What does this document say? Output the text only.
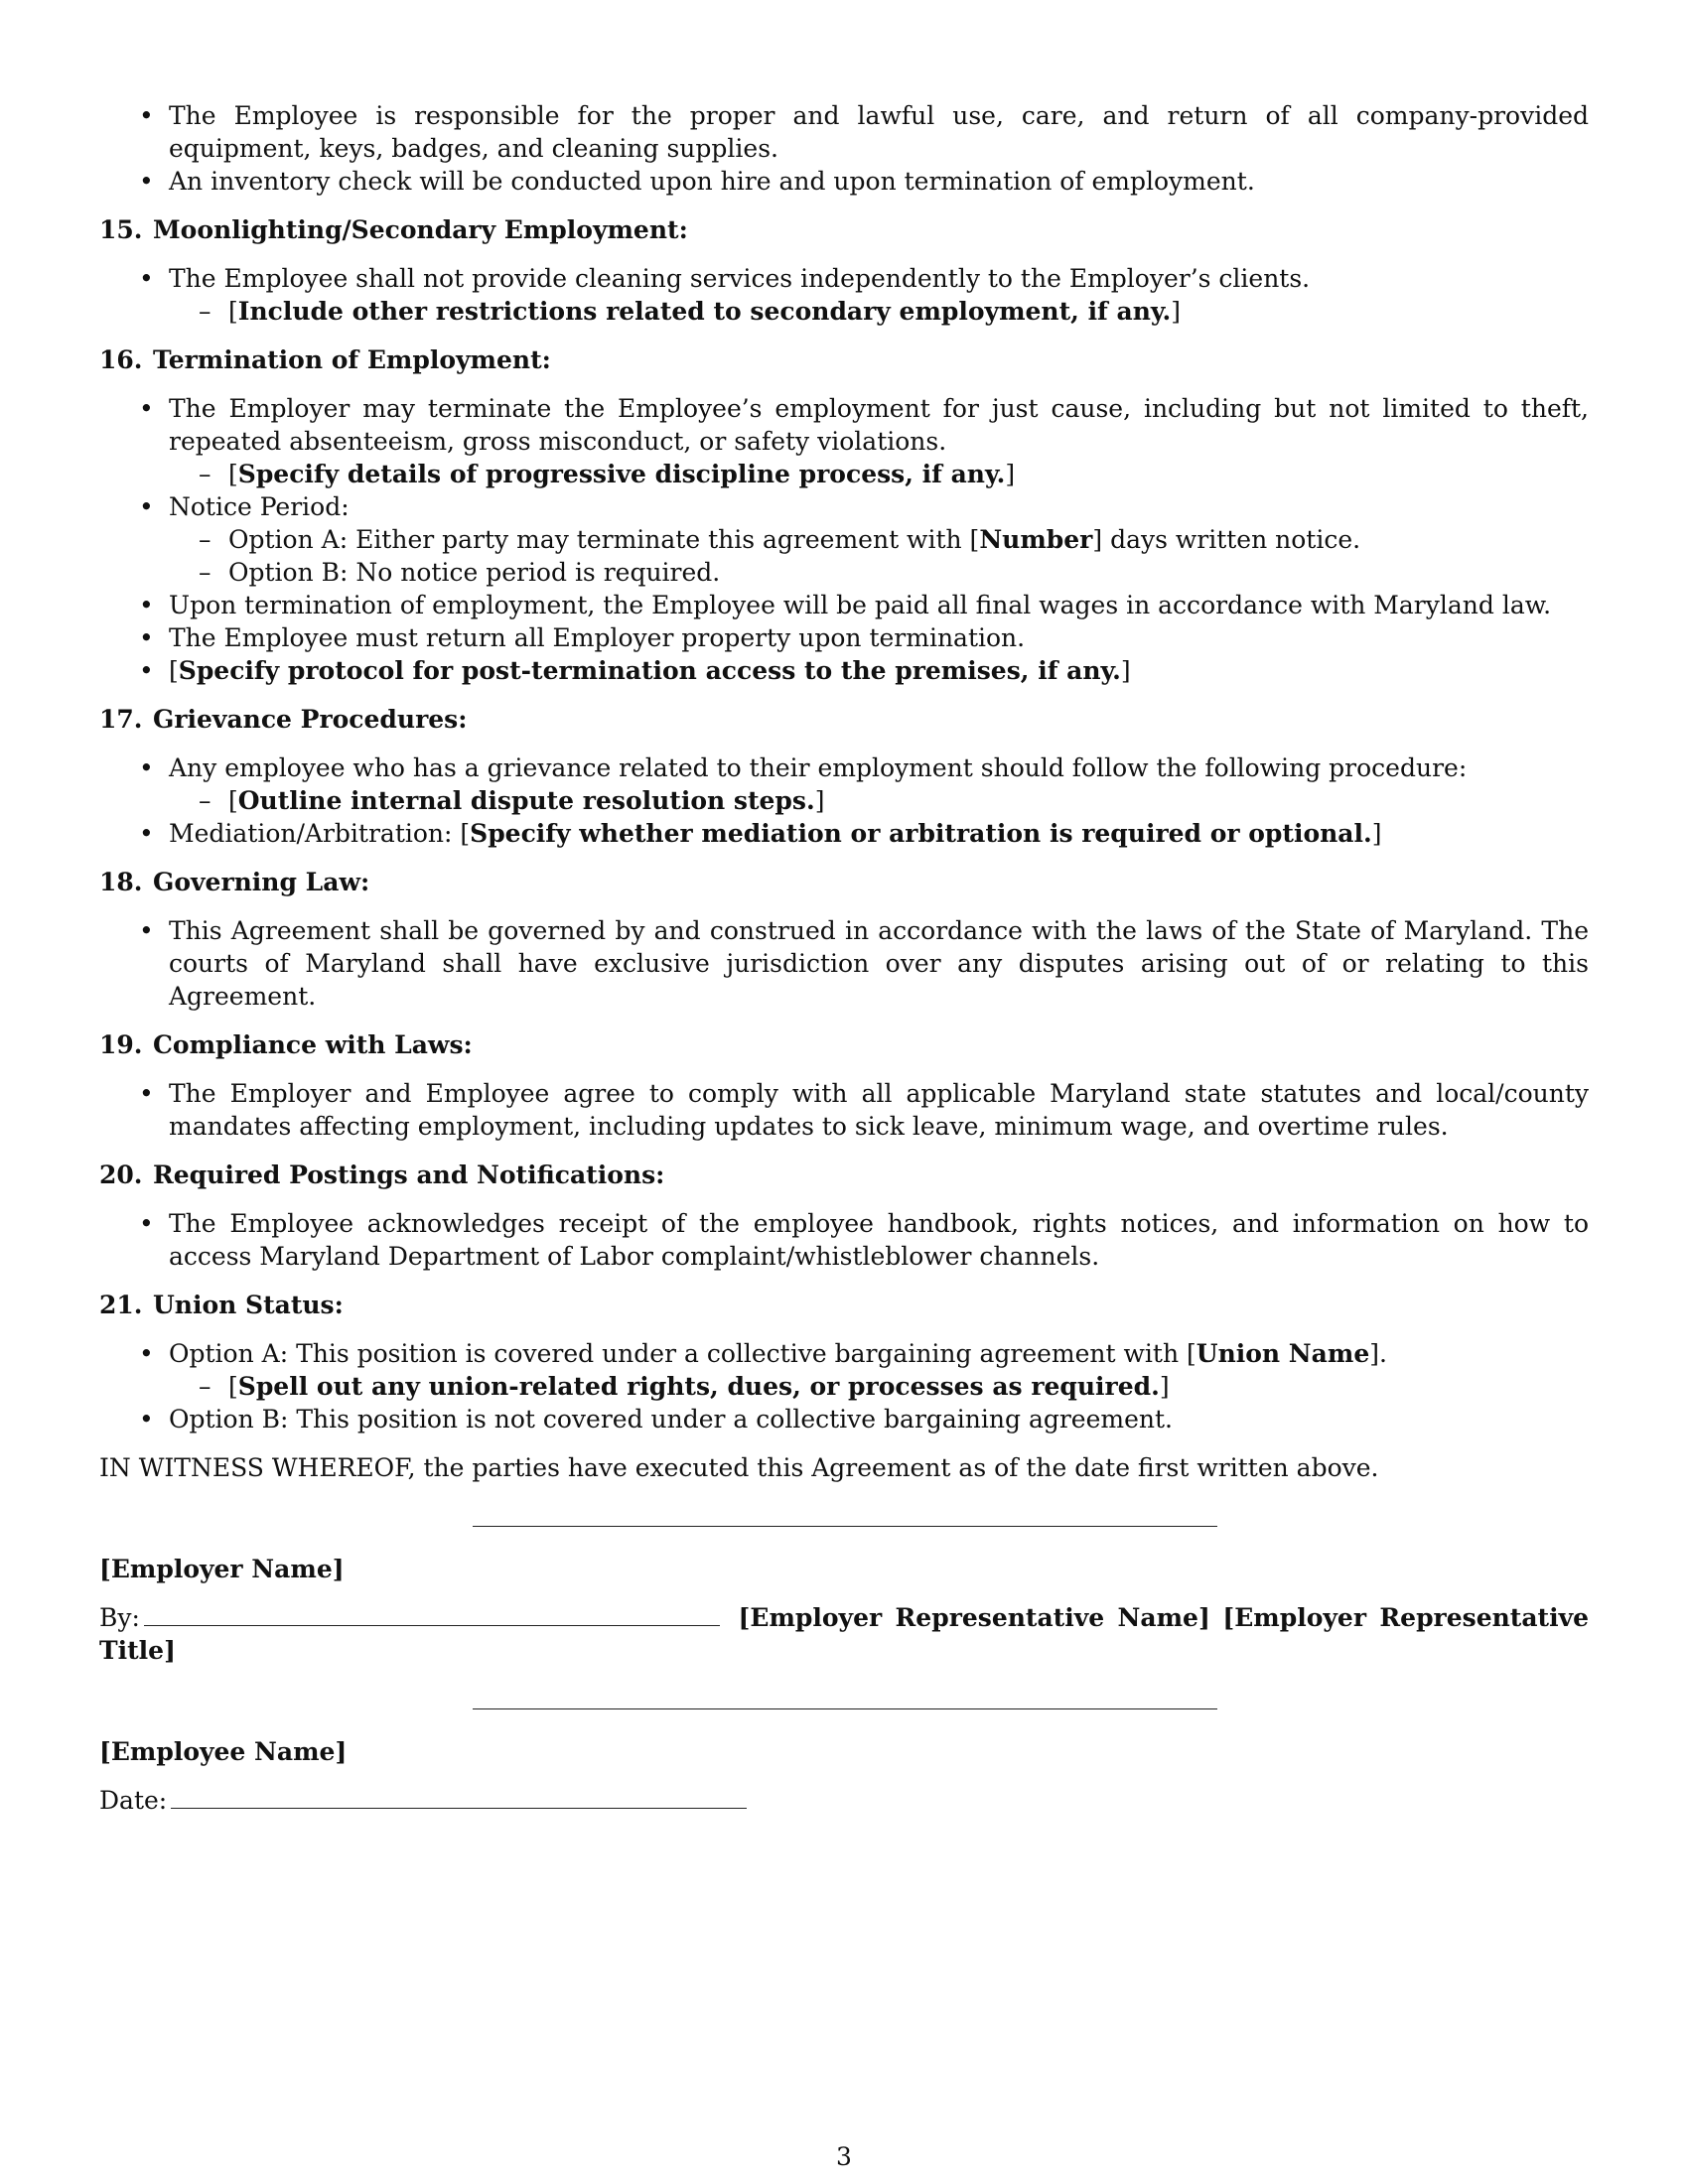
• The Employee is responsible for the proper and lawful use, care, and return of all company-provided equipment, keys, badges, and cleaning supplies.
• An inventory check will be conducted upon hire and upon termination of employment.
15. Moonlighting/Secondary Employment:
• The Employee shall not provide cleaning services independently to the Employer’s clients.
– [Include other restrictions related to secondary employment, if any.]
16. Termination of Employment:
• The Employer may terminate the Employee’s employment for just cause, including but not limited to theft, repeated absenteeism, gross misconduct, or safety violations.
– [Specify details of progressive discipline process, if any.]
• Notice Period:
– Option A: Either party may terminate this agreement with [Number] days written notice.
– Option B: No notice period is required.
• Upon termination of employment, the Employee will be paid all final wages in accordance with Maryland law.
• The Employee must return all Employer property upon termination.
• [Specify protocol for post-termination access to the premises, if any.]
17. Grievance Procedures:
• Any employee who has a grievance related to their employment should follow the following procedure:
– [Outline internal dispute resolution steps.]
• Mediation/Arbitration: [Specify whether mediation or arbitration is required or optional.]
18. Governing Law:
• This Agreement shall be governed by and construed in accordance with the laws of the State of Maryland. The courts of Maryland shall have exclusive jurisdiction over any disputes arising out of or relating to this Agreement.
19. Compliance with Laws:
• The Employer and Employee agree to comply with all applicable Maryland state statutes and local/county mandates affecting employment, including updates to sick leave, minimum wage, and overtime rules.
20. Required Postings and Notifications:
• The Employee acknowledges receipt of the employee handbook, rights notices, and information on how to access Maryland Department of Labor complaint/whistleblower channels.
21. Union Status:
• Option A: This position is covered under a collective bargaining agreement with [Union Name].
– [Spell out any union-related rights, dues, or processes as required.]
• Option B: This position is not covered under a collective bargaining agreement.
IN WITNESS WHEREOF, the parties have executed this Agreement as of the date first written above.
[Employer Name]
By:	[Employer Representative Name] [Employer Representative Title]
[Employee Name]
Date:
3
